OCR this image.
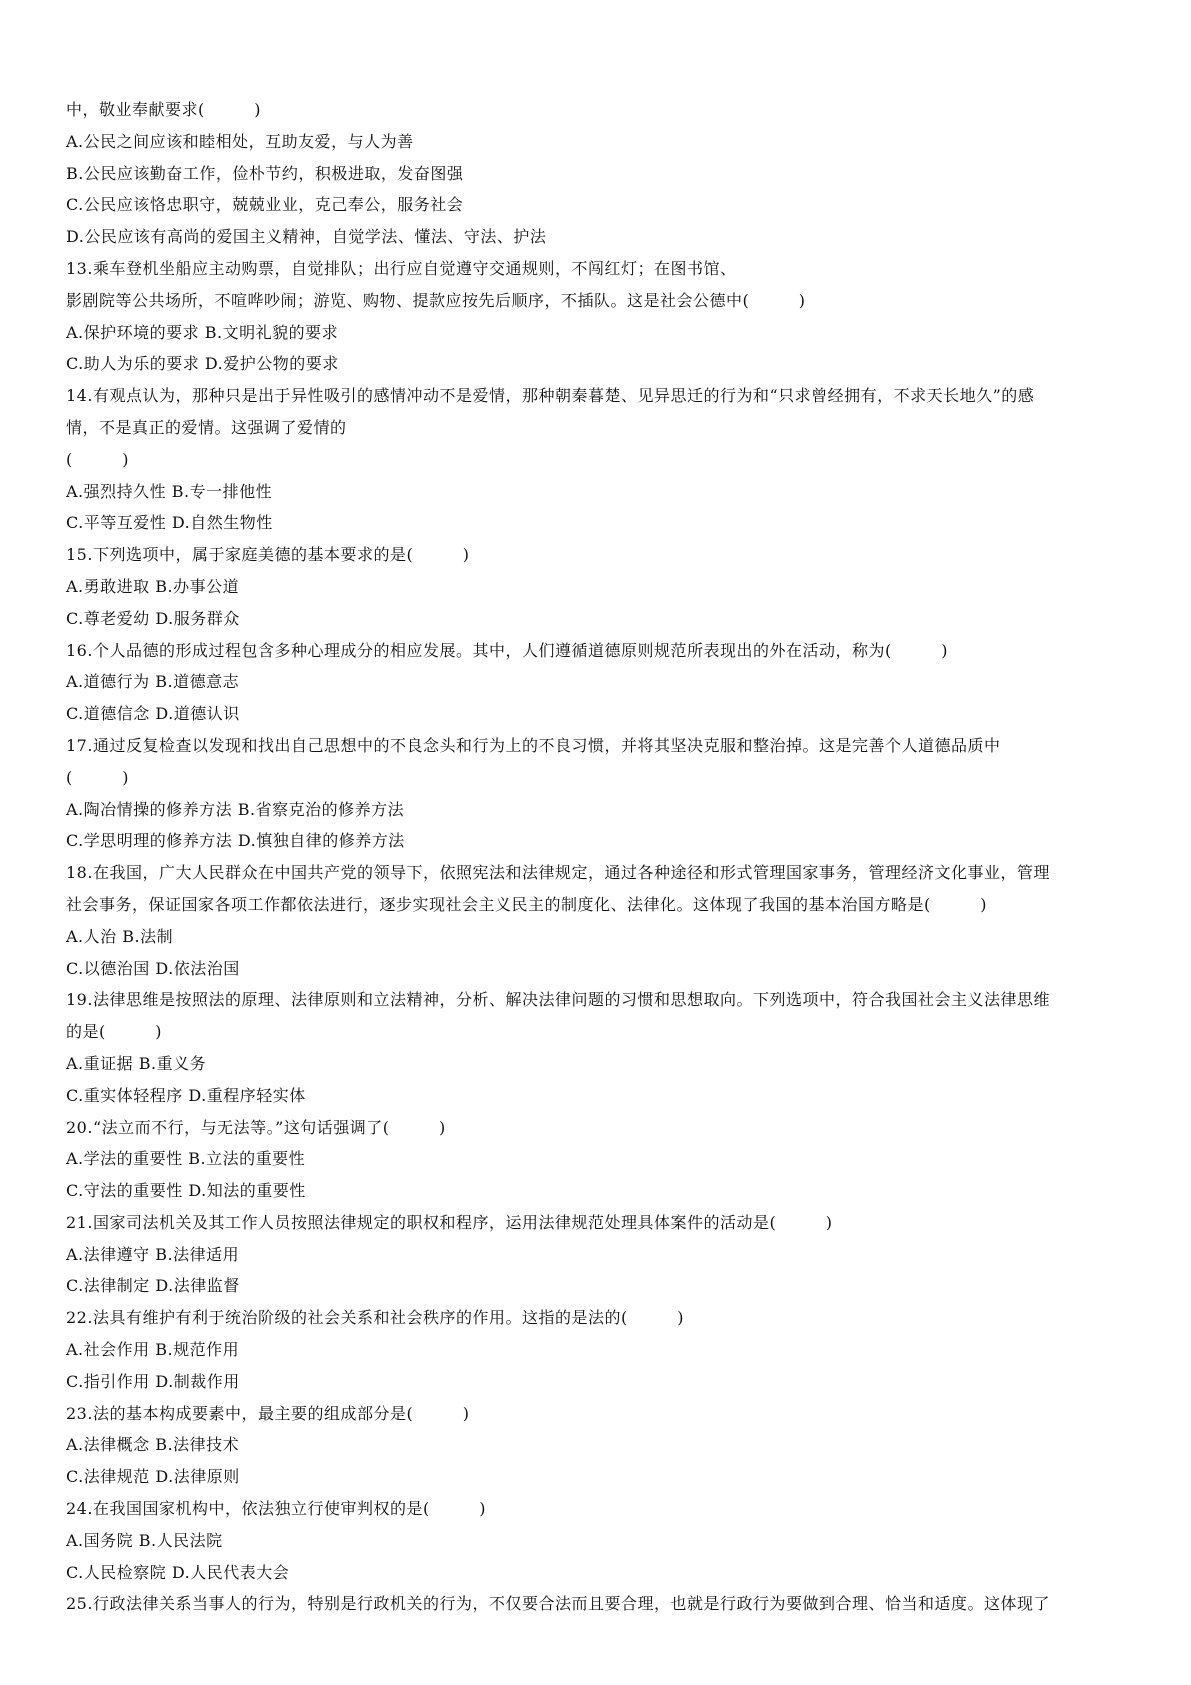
中，敬业奉献要求(　　　)
A.公民之间应该和睦相处，互助友爱，与人为善
B.公民应该勤奋工作，俭朴节约，积极进取，发奋图强
C.公民应该恪忠职守，兢兢业业，克己奉公，服务社会
D.公民应该有高尚的爱国主义精神，自觉学法、懂法、守法、护法
13.乘车登机坐船应主动购票，自觉排队；出行应自觉遵守交通规则，不闯红灯；在图书馆、
影剧院等公共场所，不喧哗吵闹；游览、购物、提款应按先后顺序，不插队。这是社会公德中(　　　)
A.保护环境的要求 B.文明礼貌的要求
C.助人为乐的要求 D.爱护公物的要求
14.有观点认为，那种只是出于异性吸引的感情冲动不是爱情，那种朝秦暮楚、见异思迁的行为和“只求曾经拥有，不求天长地久”的感
情，不是真正的爱情。这强调了爱情的
(　　　)
A.强烈持久性 B.专一排他性
C.平等互爱性 D.自然生物性
15.下列选项中，属于家庭美德的基本要求的是(　　　)
A.勇敢进取 B.办事公道
C.尊老爱幼 D.服务群众
16.个人品德的形成过程包含多种心理成分的相应发展。其中，人们遵循道德原则规范所表现出的外在活动，称为(　　　)
A.道德行为 B.道德意志
C.道德信念 D.道德认识
17.通过反复检查以发现和找出自己思想中的不良念头和行为上的不良习惯，并将其坚决克服和整治掉。这是完善个人道德品质中
(　　　)
A.陶冶情操的修养方法 B.省察克治的修养方法
C.学思明理的修养方法 D.慎独自律的修养方法
18.在我国，广大人民群众在中国共产党的领导下，依照宪法和法律规定，通过各种途径和形式管理国家事务，管理经济文化事业，管理
社会事务，保证国家各项工作都依法进行，逐步实现社会主义民主的制度化、法律化。这体现了我国的基本治国方略是(　　　)
A.人治 B.法制
C.以德治国 D.依法治国
19.法律思维是按照法的原理、法律原则和立法精神，分析、解决法律问题的习惯和思想取向。下列选项中，符合我国社会主义法律思维
的是(　　　)
A.重证据 B.重义务
C.重实体轻程序 D.重程序轻实体
20.“法立而不行，与无法等。”这句话强调了(　　　)
A.学法的重要性 B.立法的重要性
C.守法的重要性 D.知法的重要性
21.国家司法机关及其工作人员按照法律规定的职权和程序，运用法律规范处理具体案件的活动是(　　　)
A.法律遵守 B.法律适用
C.法律制定 D.法律监督
22.法具有维护有利于统治阶级的社会关系和社会秩序的作用。这指的是法的(　　　)
A.社会作用 B.规范作用
C.指引作用 D.制裁作用
23.法的基本构成要素中，最主要的组成部分是(　　　)
A.法律概念 B.法律技术
C.法律规范 D.法律原则
24.在我国国家机构中，依法独立行使审判权的是(　　　)
A.国务院 B.人民法院
C.人民检察院 D.人民代表大会
25.行政法律关系当事人的行为，特别是行政机关的行为，不仅要合法而且要合理，也就是行政行为要做到合理、恰当和适度。这体现了
